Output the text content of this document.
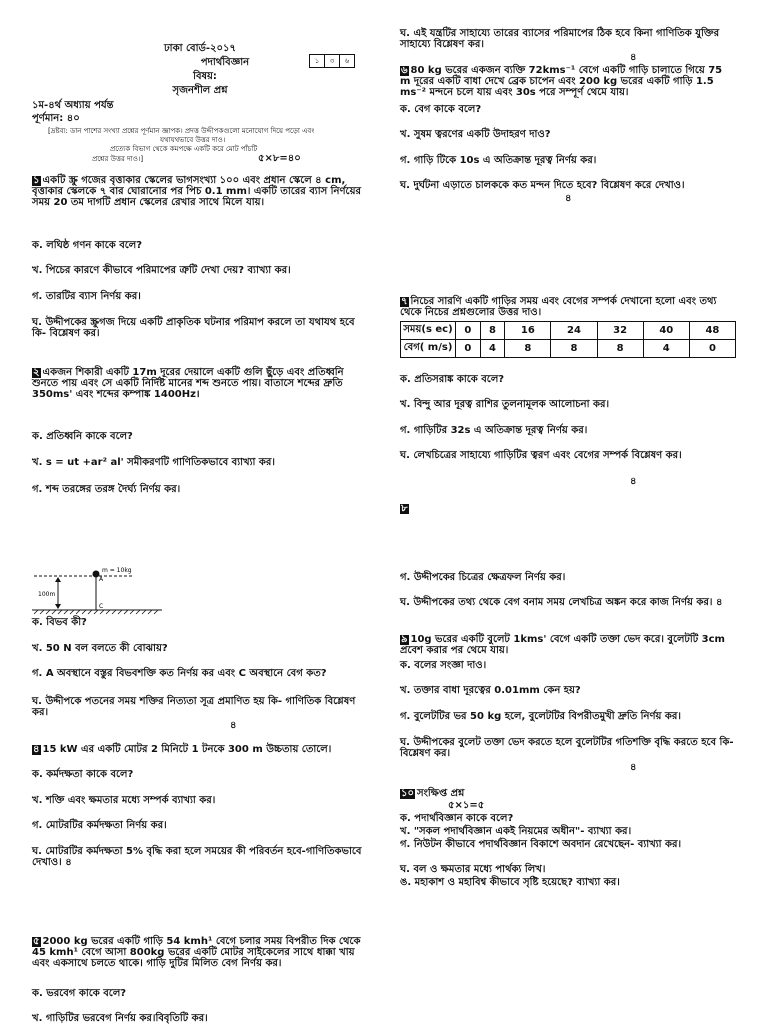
ঢাকা বোর্ড-২০১৭
পদার্থবিজ্ঞান
বিষয়:
সৃজনশীল প্রশ্ন
১ম-৪র্থ অধ্যায় পর্যন্ত
পূর্ণমান: ৪০
১	৩	৬
[দ্রষ্টব্য: ডান পাশের সংখ্যা প্রশ্নের পূর্ণমান জ্ঞাপক। প্রদত্ত উদ্দীপকগুলো মনোযোগ দিয়ে পড়ো এবং
যথাযথভাবে উত্তর দাও।
প্রত্যেক বিভাগ থেকে কমপক্ষে একটি করে মোট পাঁচটি
প্রশ্নের উত্তর দাও।]	৫×৮=৪০
১ একটি স্ক্রু গজের বৃত্তাকার স্কেলের ভাগসংখ্যা ১০০ এবং প্রধান স্কেলে ৪ cm, বৃত্তাকার স্কেলকে ৭ বার ঘোরানোর পর পিচ 0.1 mm। একটি তারের ব্যাস নির্ণয়ের সময় 20 তম দাগটি প্রধান স্কেলের রেখার সাথে মিলে যায়।
ক. লঘিষ্ঠ গণন কাকে বলে?
খ. পিচের কারণে কীভাবে পরিমাপের ত্রুটি দেখা দেয়? ব্যাখ্যা কর।
গ. তারটির ব্যাস নির্ণয় কর।
ঘ. উদ্দীপকের স্ক্রুগজ দিয়ে একটি প্রাকৃতিক ঘটনার পরিমাপ করলে তা যথাযথ হবে কি- বিশ্লেষণ কর।
২ একজন শিকারী একটি 17m দূরের দেয়ালে একটি গুলি ছুঁড়ে এবং প্রতিধ্বনি শুনতে পায় এবং সে একটি নির্দিষ্ট মানের শব্দ শুনতে পায়। বাতাসে শব্দের দ্রুতি 350ms' এবং শব্দের কম্পাঙ্ক 1400Hz।
ক. প্রতিধ্বনি কাকে বলে?
খ. s = ut +ar² al' সমীকরণটি গাণিতিকভাবে ব্যাখ্যা কর।
গ. শব্দ তরঙ্গের তরঙ্গ দৈর্ঘ্য নির্ণয় কর।
100m
m = 10kg
A
C
ক. বিভব কী?
খ. 50 N বল বলতে কী বোঝায়?
গ. A অবস্থানে বস্তুর বিভবশক্তি কত নির্ণয় কর এবং C অবস্থানে বেগ কত?
ঘ. উদ্দীপকে পতনের সময় শক্তির নিত্যতা সূত্র প্রমাণিত হয় কি- গাণিতিক বিশ্লেষণ কর।
৪
৪ 15 kW এর একটি মোটর 2 মিনিটে 1 টনকে 300 m উচ্চতায় তোলে।
ক. কর্মদক্ষতা কাকে বলে?
খ. শক্তি এবং ক্ষমতার মধ্যে সম্পর্ক ব্যাখ্যা কর।
গ. মোটরটির কর্মদক্ষতা নির্ণয় কর।
ঘ. মোটরটির কর্মদক্ষতা 5% বৃদ্ধি করা হলে সময়ের কী পরিবর্তন হবে-গাণিতিকভাবে দেখাও। ৪
৫ 2000 kg ভরের একটি গাড়ি 54 kmh¹ বেগে চলার সময় বিপরীত দিক থেকে 45 kmh¹ বেগে আসা 800kg ভরের একটি মোটর সাইকেলের সাথে ধাক্কা খায় এবং একসাথে চলতে থাকে। গাড়ি দুটির মিলিত বেগ নির্ণয় কর।
ক. ভরবেগ কাকে বলে?
খ. গাড়িটির ভরবেগ নির্ণয় কর।বিবৃতিটি কর।
ঘ. এই যন্ত্রটির সাহায্যে তারের ব্যাসের পরিমাপের ঠিক হবে কিনা গাণিতিক যুক্তির সাহায্যে বিশ্লেষণ কর।
৪
৬ 80 kg ভরের একজন ব্যক্তি 72kms⁻¹ বেগে একটি গাড়ি চালাতে গিয়ে 75 m দূরের একটি বাধা দেখে ব্রেক চাপেন এবং 200 kg ভরের একটি গাড়ি 1.5 ms⁻² মন্দনে চলে যায় এবং 30s পরে সম্পূর্ণ থেমে যায়।
ক. বেগ কাকে বলে?
খ. সুষম ত্বরণের একটি উদাহরণ দাও?
গ. গাড়ি টিকে 10s এ অতিক্রান্ত দূরত্ব নির্ণয় কর।
ঘ. দুর্ঘটনা এড়াতে চালককে কত মন্দন দিতে হবে? বিশ্লেষণ করে দেখাও।
৪
৭ নিচের সারণি একটি গাড়ির সময় এবং বেগের সম্পর্ক দেখানো হলো এবং তথ্য থেকে নিচের প্রশ্নগুলোর উত্তর দাও।
সময়(s ec)	0	8	16	24	32	40	48
বেগ( m/s)	0	4	8	8	8	4	0
ক. প্রতিসরাঙ্ক কাকে বলে?
খ. বিন্দু আর দূরত্ব রাশির তুলনামূলক আলোচনা কর।
গ. গাড়িটির 32s এ অতিক্রান্ত দূরত্ব নির্ণয় কর।
ঘ. লেখচিত্রের সাহায্যে গাড়িটির ত্বরণ এবং বেগের সম্পর্ক বিশ্লেষণ কর।
৪
৮
গ. উদ্দীপকের চিত্রের ক্ষেত্রফল নির্ণয় কর।
ঘ. উদ্দীপকের তথ্য থেকে বেগ বনাম সময় লেখচিত্র অঙ্কন করে কাজ নির্ণয় কর। ৪
৯ 10g ভরের একটি বুলেট 1kms' বেগে একটি তক্তা ভেদ করে। বুলেটটি 3cm প্রবেশ করার পর থেমে যায়।
ক. বলের সংজ্ঞা দাও।
খ. তক্তার বাধা দূরত্বের 0.01mm কেন হয়?
গ. বুলেটটির ভর 50 kg হলে, বুলেটটির বিপরীতমুখী দ্রুতি নির্ণয় কর।
ঘ. উদ্দীপকের বুলেট তক্তা ভেদ করতে হলে বুলেটটির গতিশক্তি বৃদ্ধি করতে হবে কি- বিশ্লেষণ কর।
৪
১০ সংক্ষিপ্ত প্রশ্ন
৫×১=৫
ক. পদার্থবিজ্ঞান কাকে বলে?
খ. "সকল পদার্থবিজ্ঞান একই নিয়মের অধীন"- ব্যাখ্যা কর।
গ. নিউটন কীভাবে পদার্থবিজ্ঞান বিকাশে অবদান রেখেছেন- ব্যাখ্যা কর।
ঘ. বল ও ক্ষমতার মধ্যে পার্থক্য লিখ।
ঙ. মহাকাশ ও মহাবিশ্ব কীভাবে সৃষ্টি হয়েছে? ব্যাখ্যা কর।
